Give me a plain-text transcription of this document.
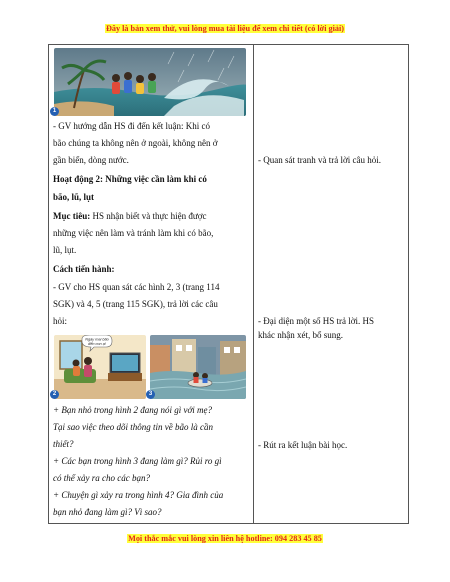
Đây là bản xem thử, vui lòng mua tài liệu để xem chi tiết (có lời giải)
1
- GV hướng dẫn HS đi đến kết luận: Khi có
bão chúng ta không nên ở ngoài, không nên ở
gần biển, dòng nước.
Hoạt động 2: Những việc cần làm khi có
bão, lũ, lụt
Mục tiêu: HS nhận biết và thực hiện được
những việc nên làm và tránh làm khi có bão,
lũ, lụt.
Cách tiến hành:
- GV cho HS quan sát các hình 2, 3 (trang 114
SGK) và 4, 5 (trang 115 SGK), trả lời các câu
hỏi:
Ngày mai bão
đến con ạ!
2	3
+ Bạn nhỏ trong hình 2 đang nói gì với mẹ?
Tại sao việc theo dõi thông tin về bão là cần
thiết?
+ Các bạn trong hình 3 đang làm gì? Rủi ro gì
có thể xảy ra cho các bạn?
+ Chuyện gì xảy ra trong hình 4? Gia đình của
bạn nhỏ đang làm gì? Vì sao?

- Quan sát tranh và trả lời câu hỏi.
- Đại diện một số HS trả lời. HS
khác nhận xét, bổ sung.
- Rút ra kết luận bài học.
Mọi thắc mắc vui lòng xin liên hệ hotline: 094 283 45 85
